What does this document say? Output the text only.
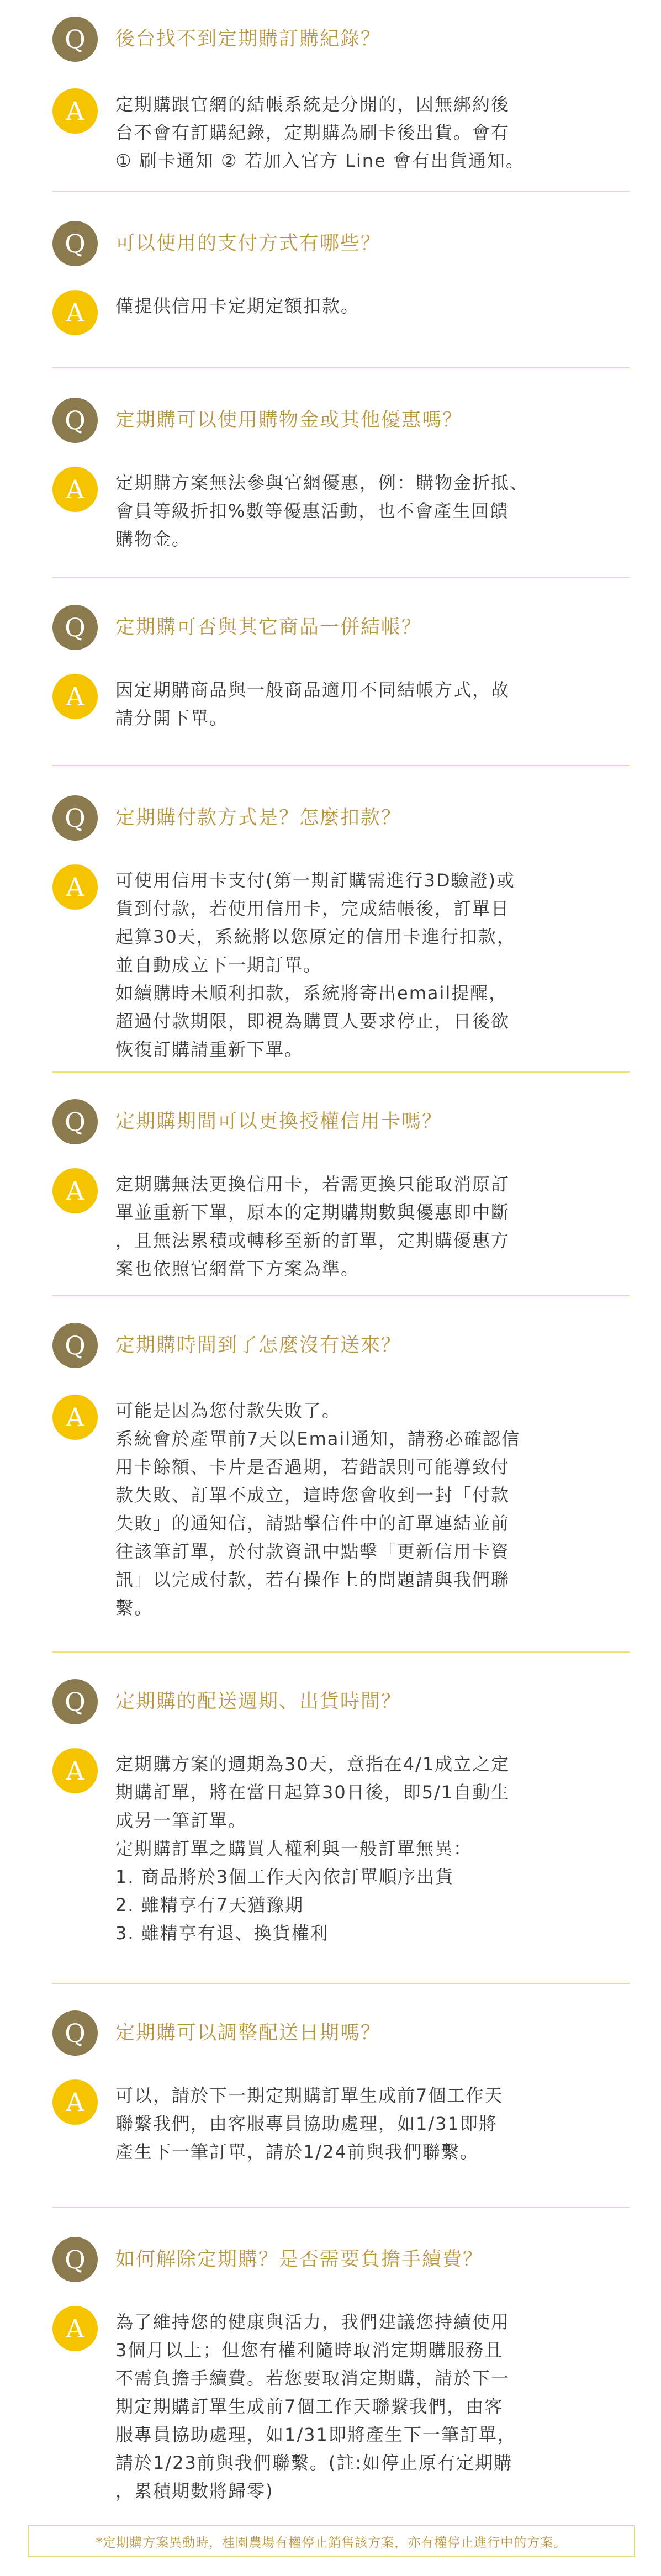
Q	後台找不到定期購訂購紀錄？
A	定期購跟官網的結帳系統是分開的，因無綁約後
台不會有訂購紀錄，定期購為刷卡後出貨。會有
① 刷卡通知 ② 若加入官方 Line 會有出貨通知。
Q	可以使用的支付方式有哪些？
A	僅提供信用卡定期定額扣款。
Q	定期購可以使用購物金或其他優惠嗎？
A	定期購方案無法參與官網優惠，例：購物金折抵、
會員等級折扣%數等優惠活動，也不會產生回饋
購物金。
Q	定期購可否與其它商品一併結帳？
A	因定期購商品與一般商品適用不同結帳方式，故
請分開下單。
Q	定期購付款方式是？怎麼扣款？
A	可使用信用卡支付(第一期訂購需進行3D驗證)或
貨到付款，若使用信用卡，完成結帳後，訂單日
起算30天，系統將以您原定的信用卡進行扣款，
並自動成立下一期訂單。
如續購時未順利扣款，系統將寄出email提醒，
超過付款期限，即視為購買人要求停止，日後欲
恢復訂購請重新下單。
Q	定期購期間可以更換授權信用卡嗎？
A	定期購無法更換信用卡，若需更換只能取消原訂
單並重新下單，原本的定期購期數與優惠即中斷
，且無法累積或轉移至新的訂單，定期購優惠方
案也依照官網當下方案為準。
Q	定期購時間到了怎麼沒有送來？
A	可能是因為您付款失敗了。
系統會於產單前7天以Email通知，請務必確認信
用卡餘額、卡片是否過期，若錯誤則可能導致付
款失敗、訂單不成立，這時您會收到一封「付款
失敗」的通知信，請點擊信件中的訂單連結並前
往該筆訂單，於付款資訊中點擊「更新信用卡資
訊」以完成付款，若有操作上的問題請與我們聯
繫。
Q	定期購的配送週期、出貨時間？
A	定期購方案的週期為30天，意指在4/1成立之定
期購訂單，將在當日起算30日後，即5/1自動生
成另一筆訂單。
定期購訂單之購買人權利與一般訂單無異：
1. 商品將於3個工作天內依訂單順序出貨
2. 雖精享有7天猶豫期
3. 雖精享有退、換貨權利
Q	定期購可以調整配送日期嗎？
A	可以，請於下一期定期購訂單生成前7個工作天
聯繫我們，由客服專員協助處理，如1/31即將
產生下一筆訂單，請於1/24前與我們聯繫。
Q	如何解除定期購？是否需要負擔手續費？
A	為了維持您的健康與活力，我們建議您持續使用
3個月以上；但您有權利隨時取消定期購服務且
不需負擔手續費。若您要取消定期購，請於下一
期定期購訂單生成前7個工作天聯繫我們，由客
服專員協助處理，如1/31即將產生下一筆訂單，
請於1/23前與我們聯繫。(註:如停止原有定期購
，累積期數將歸零)
*定期購方案異動時，桂園農場有權停止銷售該方案，亦有權停止進行中的方案。
